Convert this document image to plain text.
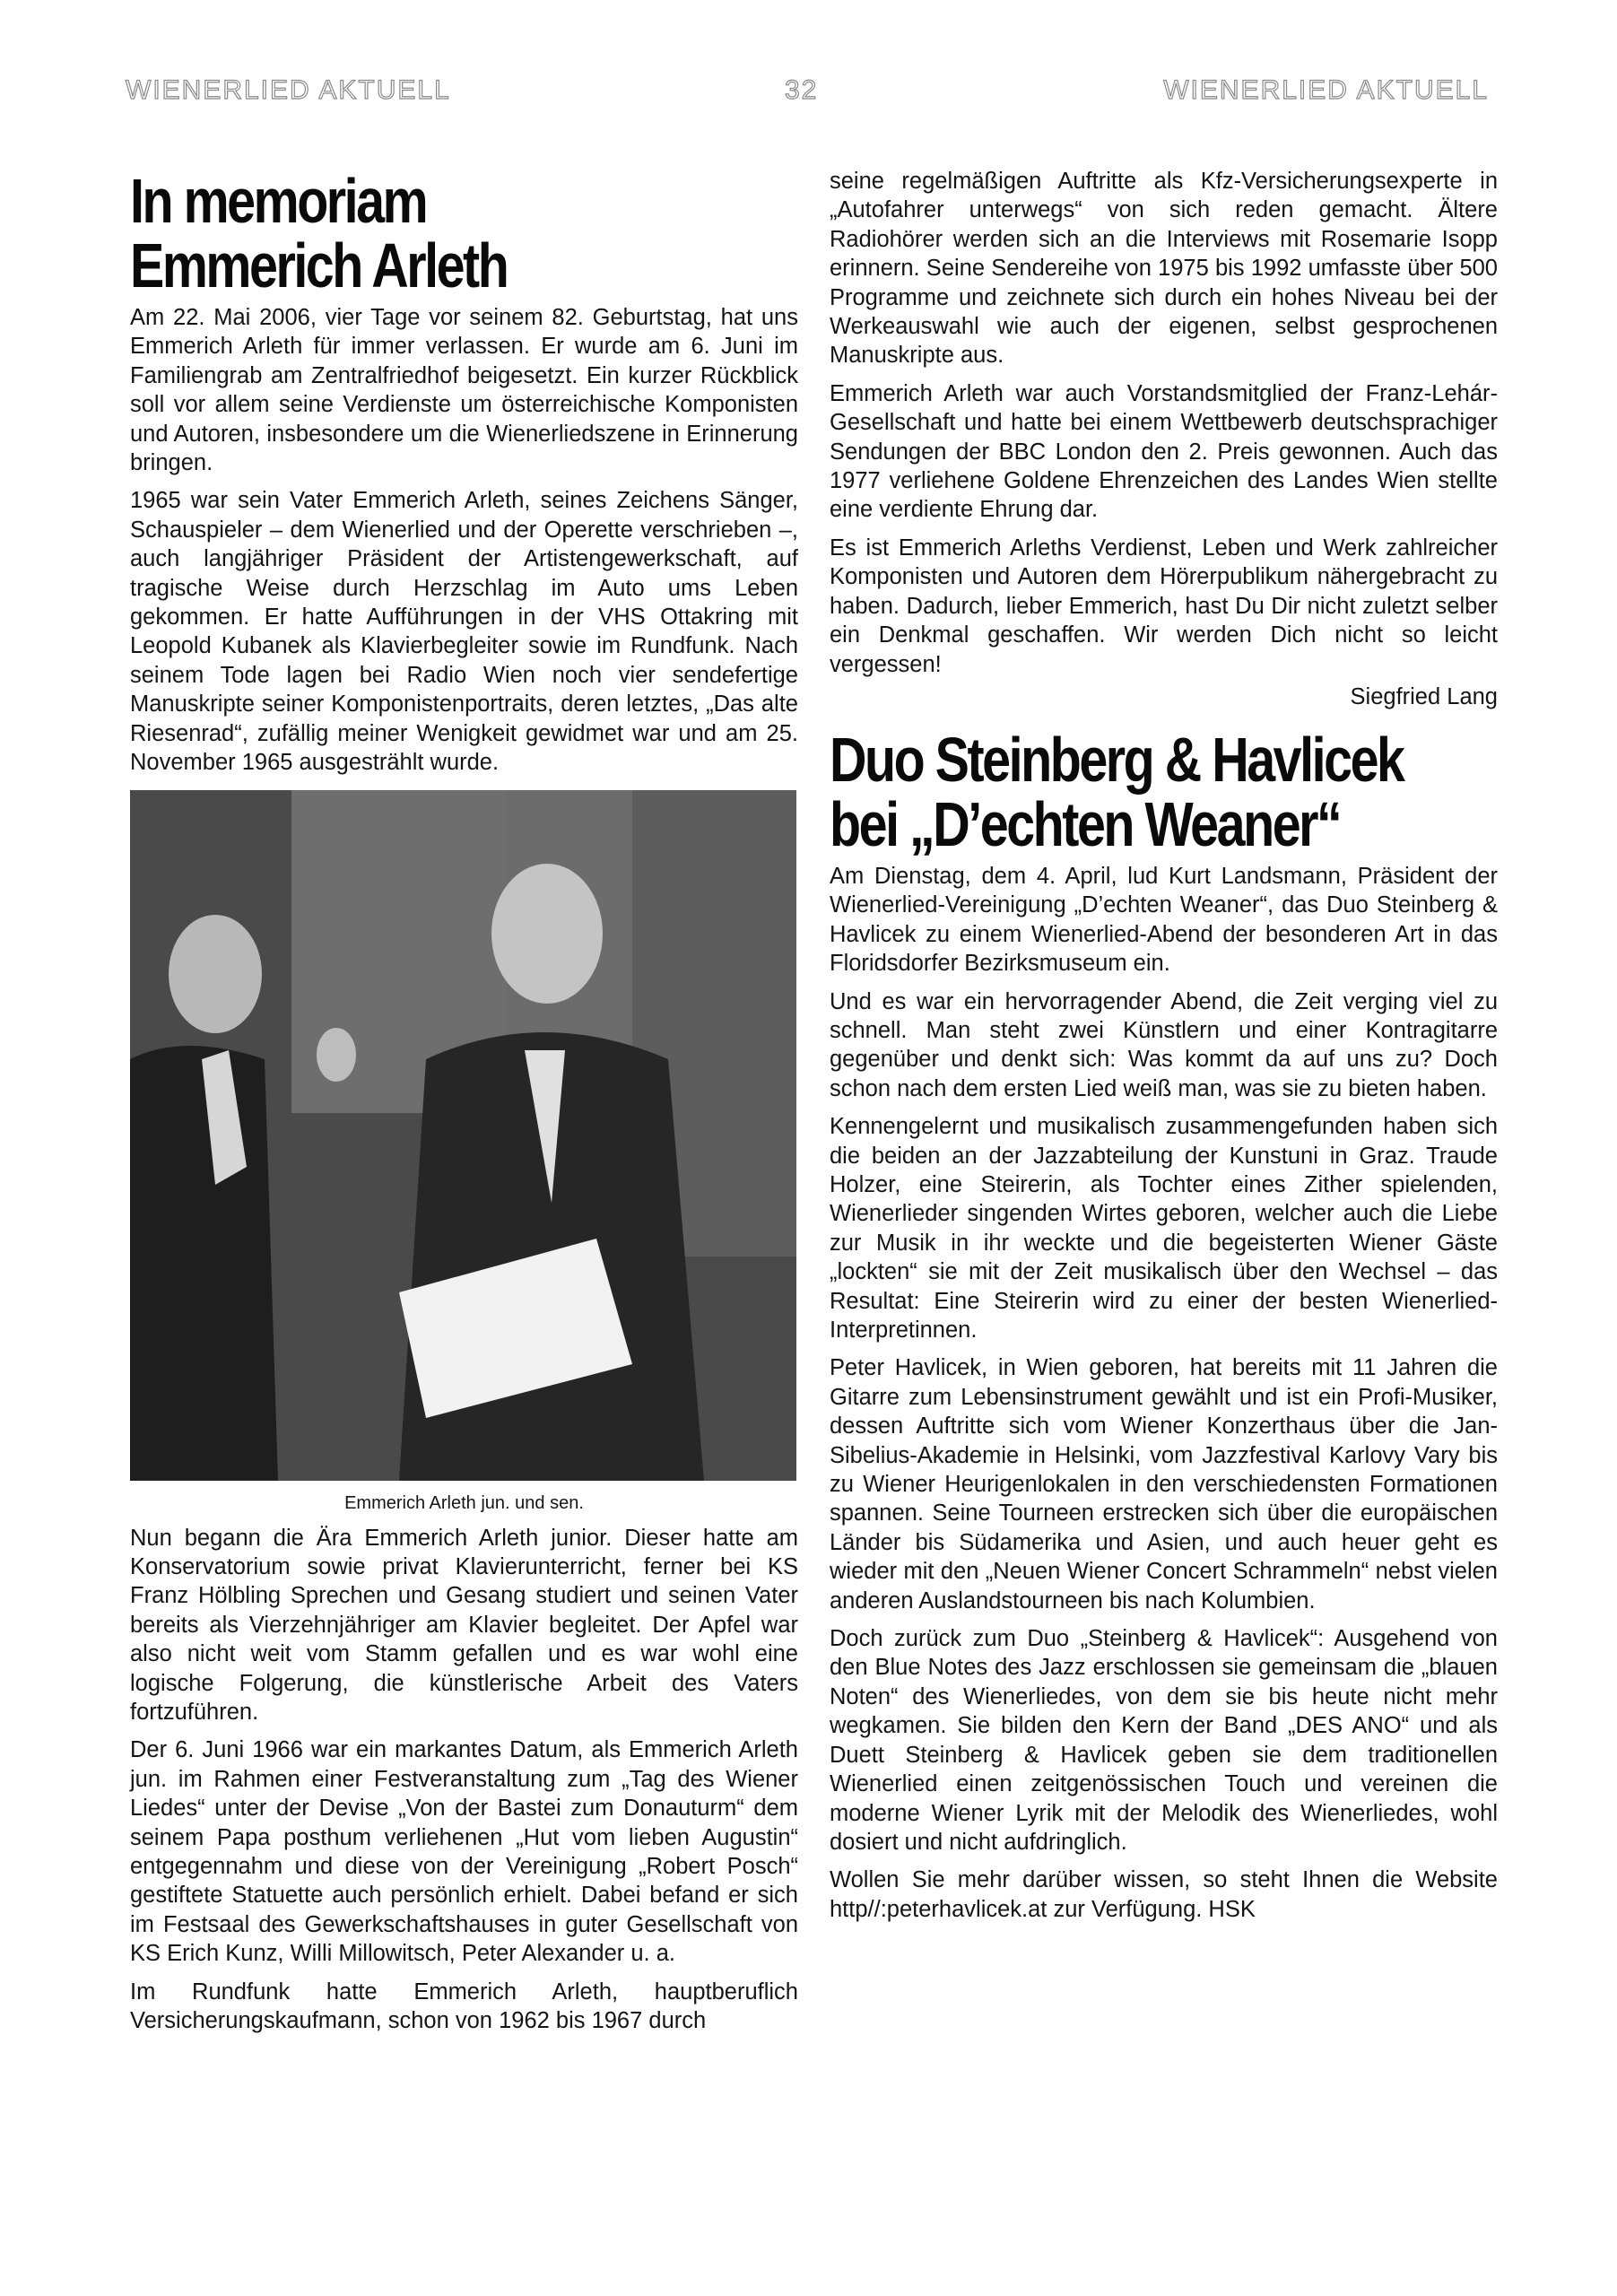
WIENERLIED AKTUELL	32	WIENERLIED AKTUELL
In memoriam
Emmerich Arleth

Am 22. Mai 2006, vier Tage vor seinem 82. Geburtstag, hat uns Emmerich Arleth für immer verlassen. Er wurde am 6. Juni im Familiengrab am Zentralfriedhof beigesetzt. Ein kurzer Rückblick soll vor allem seine Verdienste um österreichische Komponisten und Autoren, insbesondere um die Wienerliedszene in Erinnerung bringen.

1965 war sein Vater Emmerich Arleth, seines Zeichens Sänger, Schauspieler – dem Wienerlied und der Operette verschrieben –, auch langjähriger Präsident der Artistengewerkschaft, auf tragische Weise durch Herzschlag im Auto ums Leben gekommen. Er hatte Aufführungen in der VHS Ottakring mit Leopold Kubanek als Klavierbegleiter sowie im Rundfunk. Nach seinem Tode lagen bei Radio Wien noch vier sendefertige Manuskripte seiner Komponistenportraits, deren letztes, „Das alte Riesenrad“, zufällig meiner Wenigkeit gewidmet war und am 25. November 1965 ausgestrählt wurde.

Emmerich Arleth jun. und sen.

Nun begann die Ära Emmerich Arleth junior. Dieser hatte am Konservatorium sowie privat Klavierunterricht, ferner bei KS Franz Hölbling Sprechen und Gesang studiert und seinen Vater bereits als Vierzehnjähriger am Klavier begleitet. Der Apfel war also nicht weit vom Stamm gefallen und es war wohl eine logische Folgerung, die künstlerische Arbeit des Vaters fortzuführen.

Der 6. Juni 1966 war ein markantes Datum, als Emmerich Arleth jun. im Rahmen einer Festveranstaltung zum „Tag des Wiener Liedes“ unter der Devise „Von der Bastei zum Donauturm“ dem seinem Papa posthum verliehenen „Hut vom lieben Augustin“ entgegennahm und diese von der Vereinigung „Robert Posch“ gestiftete Statuette auch persönlich erhielt. Dabei befand er sich im Festsaal des Gewerkschaftshauses in guter Gesellschaft von KS Erich Kunz, Willi Millowitsch, Peter Alexander u. a.

Im Rundfunk hatte Emmerich Arleth, hauptberuflich Versicherungskaufmann, schon von 1962 bis 1967 durch

seine regelmäßigen Auftritte als Kfz-Versicherungsexperte in „Autofahrer unterwegs“ von sich reden gemacht. Ältere Radiohörer werden sich an die Interviews mit Rosemarie Isopp erinnern. Seine Sendereihe von 1975 bis 1992 umfasste über 500 Programme und zeichnete sich durch ein hohes Niveau bei der Werkeauswahl wie auch der eigenen, selbst gesprochenen Manuskripte aus.

Emmerich Arleth war auch Vorstandsmitglied der Franz-Lehár-Gesellschaft und hatte bei einem Wettbewerb deutschsprachiger Sendungen der BBC London den 2. Preis gewonnen. Auch das 1977 verliehene Goldene Ehrenzeichen des Landes Wien stellte eine verdiente Ehrung dar.

Es ist Emmerich Arleths Verdienst, Leben und Werk zahlreicher Komponisten und Autoren dem Hörerpublikum nähergebracht zu haben. Dadurch, lieber Emmerich, hast Du Dir nicht zuletzt selber ein Denkmal geschaffen. Wir werden Dich nicht so leicht vergessen!

Siegfried Lang
Duo Steinberg & Havlicek
bei „D’echten Weaner“

Am Dienstag, dem 4. April, lud Kurt Landsmann, Präsident der Wienerlied-Vereinigung „D’echten Weaner“, das Duo Steinberg & Havlicek zu einem Wienerlied-Abend der besonderen Art in das Floridsdorfer Bezirksmuseum ein.

Und es war ein hervorragender Abend, die Zeit verging viel zu schnell. Man steht zwei Künstlern und einer Kontragitarre gegenüber und denkt sich: Was kommt da auf uns zu? Doch schon nach dem ersten Lied weiß man, was sie zu bieten haben.

Kennengelernt und musikalisch zusammengefunden haben sich die beiden an der Jazzabteilung der Kunstuni in Graz. Traude Holzer, eine Steirerin, als Tochter eines Zither spielenden, Wienerlieder singenden Wirtes geboren, welcher auch die Liebe zur Musik in ihr weckte und die begeisterten Wiener Gäste „lockten“ sie mit der Zeit musikalisch über den Wechsel – das Resultat: Eine Steirerin wird zu einer der besten Wienerlied-Interpretinnen.

Peter Havlicek, in Wien geboren, hat bereits mit 11 Jahren die Gitarre zum Lebensinstrument gewählt und ist ein Profi-Musiker, dessen Auftritte sich vom Wiener Konzerthaus über die Jan-Sibelius-Akademie in Helsinki, vom Jazzfestival Karlovy Vary bis zu Wiener Heurigenlokalen in den verschiedensten Formationen spannen. Seine Tourneen erstrecken sich über die europäischen Länder bis Südamerika und Asien, und auch heuer geht es wieder mit den „Neuen Wiener Concert Schrammeln“ nebst vielen anderen Auslandstourneen bis nach Kolumbien.

Doch zurück zum Duo „Steinberg & Havlicek“: Ausgehend von den Blue Notes des Jazz erschlossen sie gemeinsam die „blauen Noten“ des Wienerliedes, von dem sie bis heute nicht mehr wegkamen. Sie bilden den Kern der Band „DES ANO“ und als Duett Steinberg & Havlicek geben sie dem traditionellen Wienerlied einen zeitgenössischen Touch und vereinen die moderne Wiener Lyrik mit der Melodik des Wienerliedes, wohl dosiert und nicht aufdringlich.

Wollen Sie mehr darüber wissen, so steht Ihnen die Website http//:peterhavlicek.at zur Verfügung. HSK
